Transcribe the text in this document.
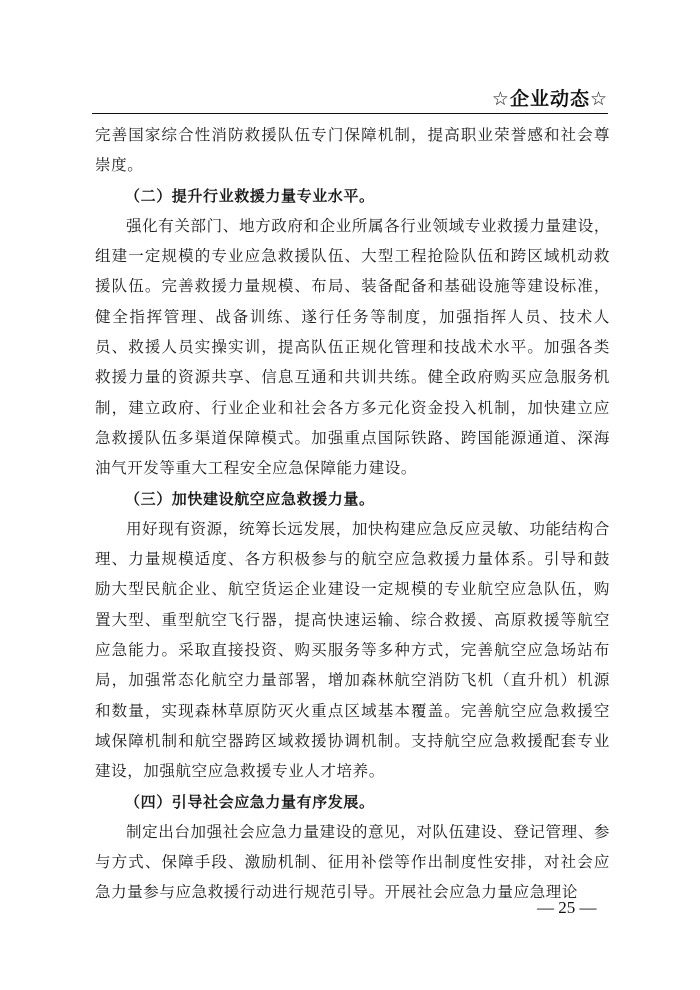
☆企业动态☆

完善国家综合性消防救援队伍专门保障机制，提高职业荣誉感和社会尊崇度。

（二）提升行业救援力量专业水平。

强化有关部门、地方政府和企业所属各行业领域专业救援力量建设，组建一定规模的专业应急救援队伍、大型工程抢险队伍和跨区域机动救援队伍。完善救援力量规模、布局、装备配备和基础设施等建设标准，健全指挥管理、战备训练、遂行任务等制度，加强指挥人员、技术人员、救援人员实操实训，提高队伍正规化管理和技战术水平。加强各类救援力量的资源共享、信息互通和共训共练。健全政府购买应急服务机制，建立政府、行业企业和社会各方多元化资金投入机制，加快建立应急救援队伍多渠道保障模式。加强重点国际铁路、跨国能源通道、深海油气开发等重大工程安全应急保障能力建设。

（三）加快建设航空应急救援力量。

用好现有资源，统筹长远发展，加快构建应急反应灵敏、功能结构合理、力量规模适度、各方积极参与的航空应急救援力量体系。引导和鼓励大型民航企业、航空货运企业建设一定规模的专业航空应急队伍，购置大型、重型航空飞行器，提高快速运输、综合救援、高原救援等航空应急能力。采取直接投资、购买服务等多种方式，完善航空应急场站布局，加强常态化航空力量部署，增加森林航空消防飞机（直升机）机源和数量，实现森林草原防灭火重点区域基本覆盖。完善航空应急救援空域保障机制和航空器跨区域救援协调机制。支持航空应急救援配套专业建设，加强航空应急救援专业人才培养。

（四）引导社会应急力量有序发展。

制定出台加强社会应急力量建设的意见，对队伍建设、登记管理、参与方式、保障手段、激励机制、征用补偿等作出制度性安排，对社会应急力量参与应急救援行动进行规范引导。开展社会应急力量应急理论

— 25 —
